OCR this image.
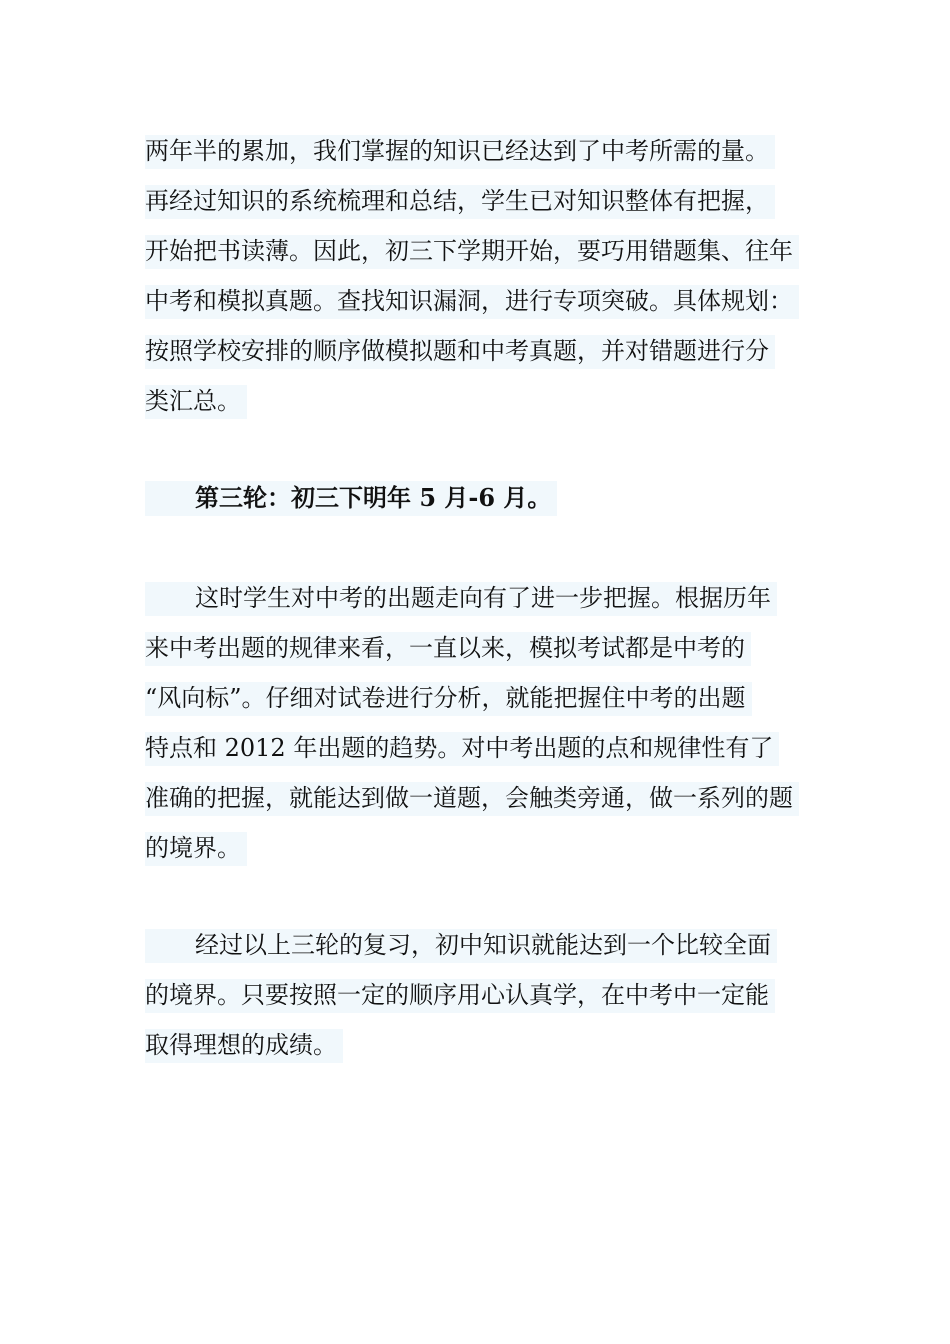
两年半的累加，我们掌握的知识已经达到了中考所需的量。
再经过知识的系统梳理和总结，学生已对知识整体有把握，
开始把书读薄。因此，初三下学期开始，要巧用错题集、往年
中考和模拟真题。查找知识漏洞，进行专项突破。具体规划：
按照学校安排的顺序做模拟题和中考真题，并对错题进行分
类汇总。
第三轮：初三下明年 5 月-6 月。
这时学生对中考的出题走向有了进一步把握。根据历年
来中考出题的规律来看，一直以来，模拟考试都是中考的
“风向标”。仔细对试卷进行分析，就能把握住中考的出题
特点和 2012 年出题的趋势。对中考出题的点和规律性有了
准确的把握，就能达到做一道题，会触类旁通，做一系列的题
的境界。
经过以上三轮的复习，初中知识就能达到一个比较全面
的境界。只要按照一定的顺序用心认真学，在中考中一定能
取得理想的成绩。
